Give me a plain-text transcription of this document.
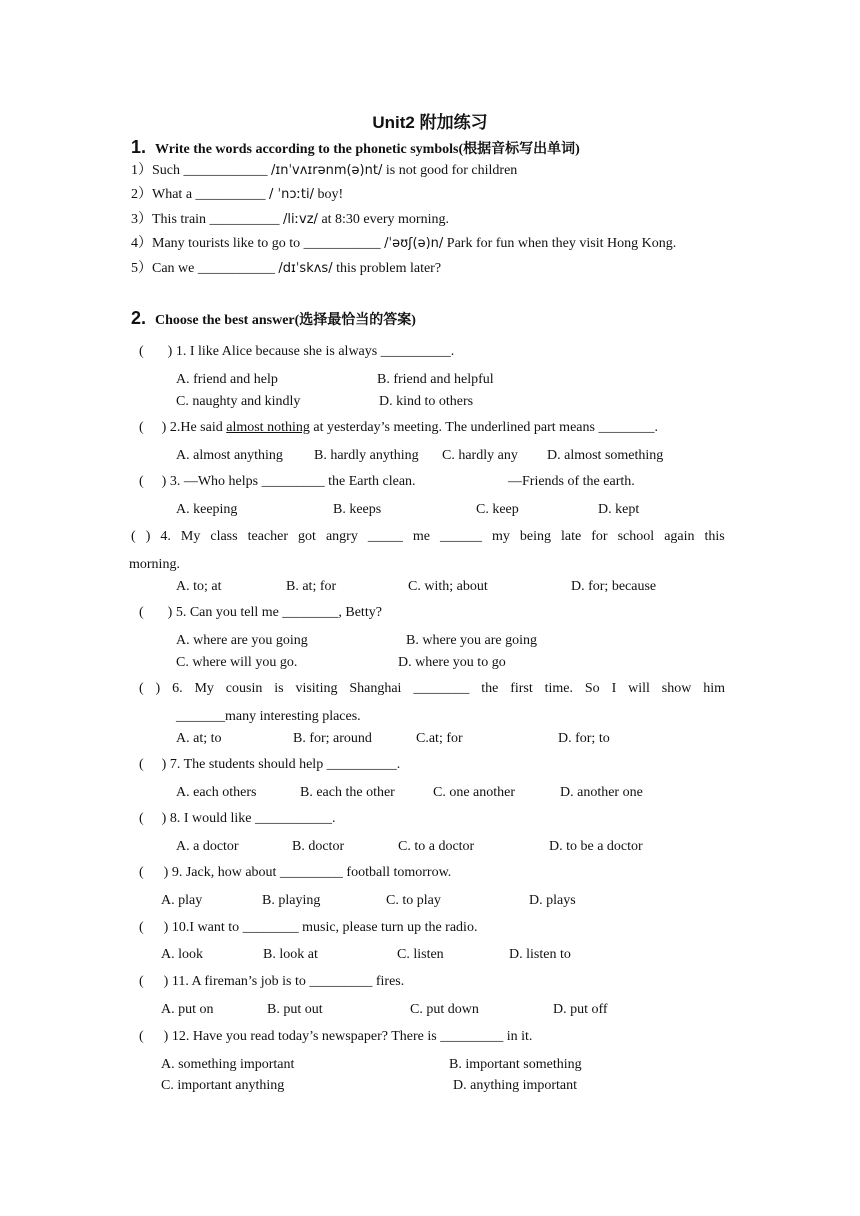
Unit2 附加练习
1. Write the words according to the phonetic symbols(根据音标写出单词)
1）Such ____________ /ɪnˈvʌɪrənm(ə)nt/ is not good for children
2）What a __________ / ˈnɔːti/ boy!
3）This train __________ /liːvz/ at 8:30 every morning.
4）Many tourists like to go to ___________ /ˈəʊʃ(ə)n/ Park for fun when they visit Hong Kong.
5）Can we ___________ /dɪˈskʌs/ this problem later?
2. Choose the best answer(选择最恰当的答案)
( ) 1. I like Alice because she is always __________.
A. friend and help	B. friend and helpful
C. naughty and kindly	D. kind to others
( ) 2.He said almost nothing at yesterday’s meeting. The underlined part means ________.
A. almost anything B. hardly anything C. hardly any D. almost something
( ) 3. —Who helps _________ the Earth clean.	—Friends of the earth.
A. keeping	B. keeps	C. keep	D. kept
( ) 4. My class teacher got angry _____ me ______ my being late for school again this
morning.
A. to; at	B. at; for	C. with; about	D. for; because
( ) 5. Can you tell me ________, Betty?
A. where are you going	B. where you are going
C. where will you go.	D. where you to go
( ) 6. My cousin is visiting Shanghai ________ the first time. So I will show him
_______many interesting places.
A. at; to	B. for; around	C.at; for	D. for; to
( ) 7. The students should help __________.
A. each others	B. each the other	C. one another	D. another one
( ) 8. I would like ___________.
A. a doctor	B. doctor	C. to a doctor	D. to be a doctor
( ) 9. Jack, how about _________ football tomorrow.
A. play	B. playing	C. to play	D. plays
( ) 10.I want to ________ music, please turn up the radio.
A. look	B. look at	C. listen	D. listen to
( ) 11. A fireman’s job is to _________ fires.
A. put on	B. put out	C. put down	D. put off
( ) 12. Have you read today’s newspaper? There is _________ in it.
A. something important	B. important something
C. important anything	D. anything important
